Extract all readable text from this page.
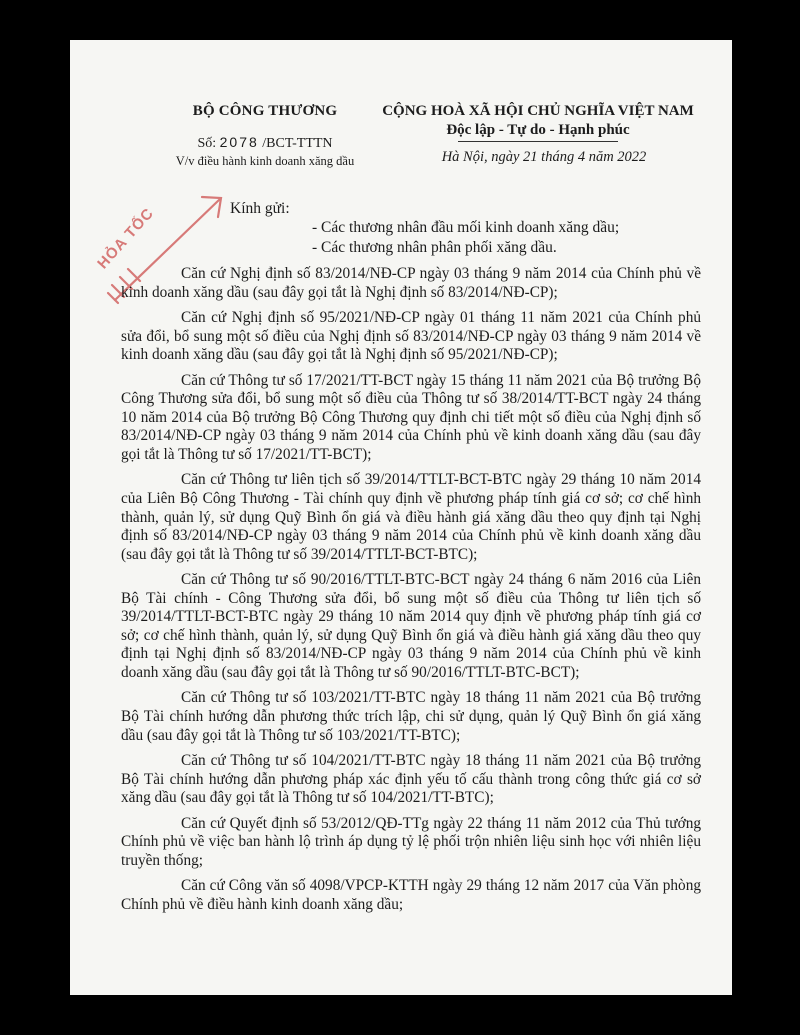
BỘ CÔNG THƯƠNG
Số: 2078 /BCT-TTTN
V/v điều hành kinh doanh xăng dầu
CỘNG HOÀ XÃ HỘI CHỦ NGHĨA VIỆT NAM
Độc lập - Tự do - Hạnh phúc
Hà Nội, ngày 21 tháng 4 năm 2022
HỎA TỐC	Kính gửi:
- Các thương nhân đầu mối kinh doanh xăng dầu;
- Các thương nhân phân phối xăng dầu.

Căn cứ Nghị định số 83/2014/NĐ-CP ngày 03 tháng 9 năm 2014 của Chính phủ về kinh doanh xăng dầu (sau đây gọi tắt là Nghị định số 83/2014/NĐ-CP);

Căn cứ Nghị định số 95/2021/NĐ-CP ngày 01 tháng 11 năm 2021 của Chính phủ sửa đổi, bổ sung một số điều của Nghị định số 83/2014/NĐ-CP ngày 03 tháng 9 năm 2014 về kinh doanh xăng dầu (sau đây gọi tắt là Nghị định số 95/2021/NĐ-CP);

Căn cứ Thông tư số 17/2021/TT-BCT ngày 15 tháng 11 năm 2021 của Bộ trưởng Bộ Công Thương sửa đổi, bổ sung một số điều của Thông tư số 38/2014/TT-BCT ngày 24 tháng 10 năm 2014 của Bộ trưởng Bộ Công Thương quy định chi tiết một số điều của Nghị định số 83/2014/NĐ-CP ngày 03 tháng 9 năm 2014 của Chính phủ về kinh doanh xăng dầu (sau đây gọi tắt là Thông tư số 17/2021/TT-BCT);

Căn cứ Thông tư liên tịch số 39/2014/TTLT-BCT-BTC ngày 29 tháng 10 năm 2014 của Liên Bộ Công Thương - Tài chính quy định về phương pháp tính giá cơ sở; cơ chế hình thành, quản lý, sử dụng Quỹ Bình ổn giá và điều hành giá xăng dầu theo quy định tại Nghị định số 83/2014/NĐ-CP ngày 03 tháng 9 năm 2014 của Chính phủ về kinh doanh xăng dầu (sau đây gọi tắt là Thông tư số 39/2014/TTLT-BCT-BTC);

Căn cứ Thông tư số 90/2016/TTLT-BTC-BCT ngày 24 tháng 6 năm 2016 của Liên Bộ Tài chính - Công Thương sửa đổi, bổ sung một số điều của Thông tư liên tịch số 39/2014/TTLT-BCT-BTC ngày 29 tháng 10 năm 2014 quy định về phương pháp tính giá cơ sở; cơ chế hình thành, quản lý, sử dụng Quỹ Bình ổn giá và điều hành giá xăng dầu theo quy định tại Nghị định số 83/2014/NĐ-CP ngày 03 tháng 9 năm 2014 của Chính phủ về kinh doanh xăng dầu (sau đây gọi tắt là Thông tư số 90/2016/TTLT-BTC-BCT);

Căn cứ Thông tư số 103/2021/TT-BTC ngày 18 tháng 11 năm 2021 của Bộ trưởng Bộ Tài chính hướng dẫn phương thức trích lập, chi sử dụng, quản lý Quỹ Bình ổn giá xăng dầu (sau đây gọi tắt là Thông tư số 103/2021/TT-BTC);

Căn cứ Thông tư số 104/2021/TT-BTC ngày 18 tháng 11 năm 2021 của Bộ trưởng Bộ Tài chính hướng dẫn phương pháp xác định yếu tố cấu thành trong công thức giá cơ sở xăng dầu (sau đây gọi tắt là Thông tư số 104/2021/TT-BTC);

Căn cứ Quyết định số 53/2012/QĐ-TTg ngày 22 tháng 11 năm 2012 của Thủ tướng Chính phủ về việc ban hành lộ trình áp dụng tỷ lệ phối trộn nhiên liệu sinh học với nhiên liệu truyền thống;

Căn cứ Công văn số 4098/VPCP-KTTH ngày 29 tháng 12 năm 2017 của Văn phòng Chính phủ về điều hành kinh doanh xăng dầu;
